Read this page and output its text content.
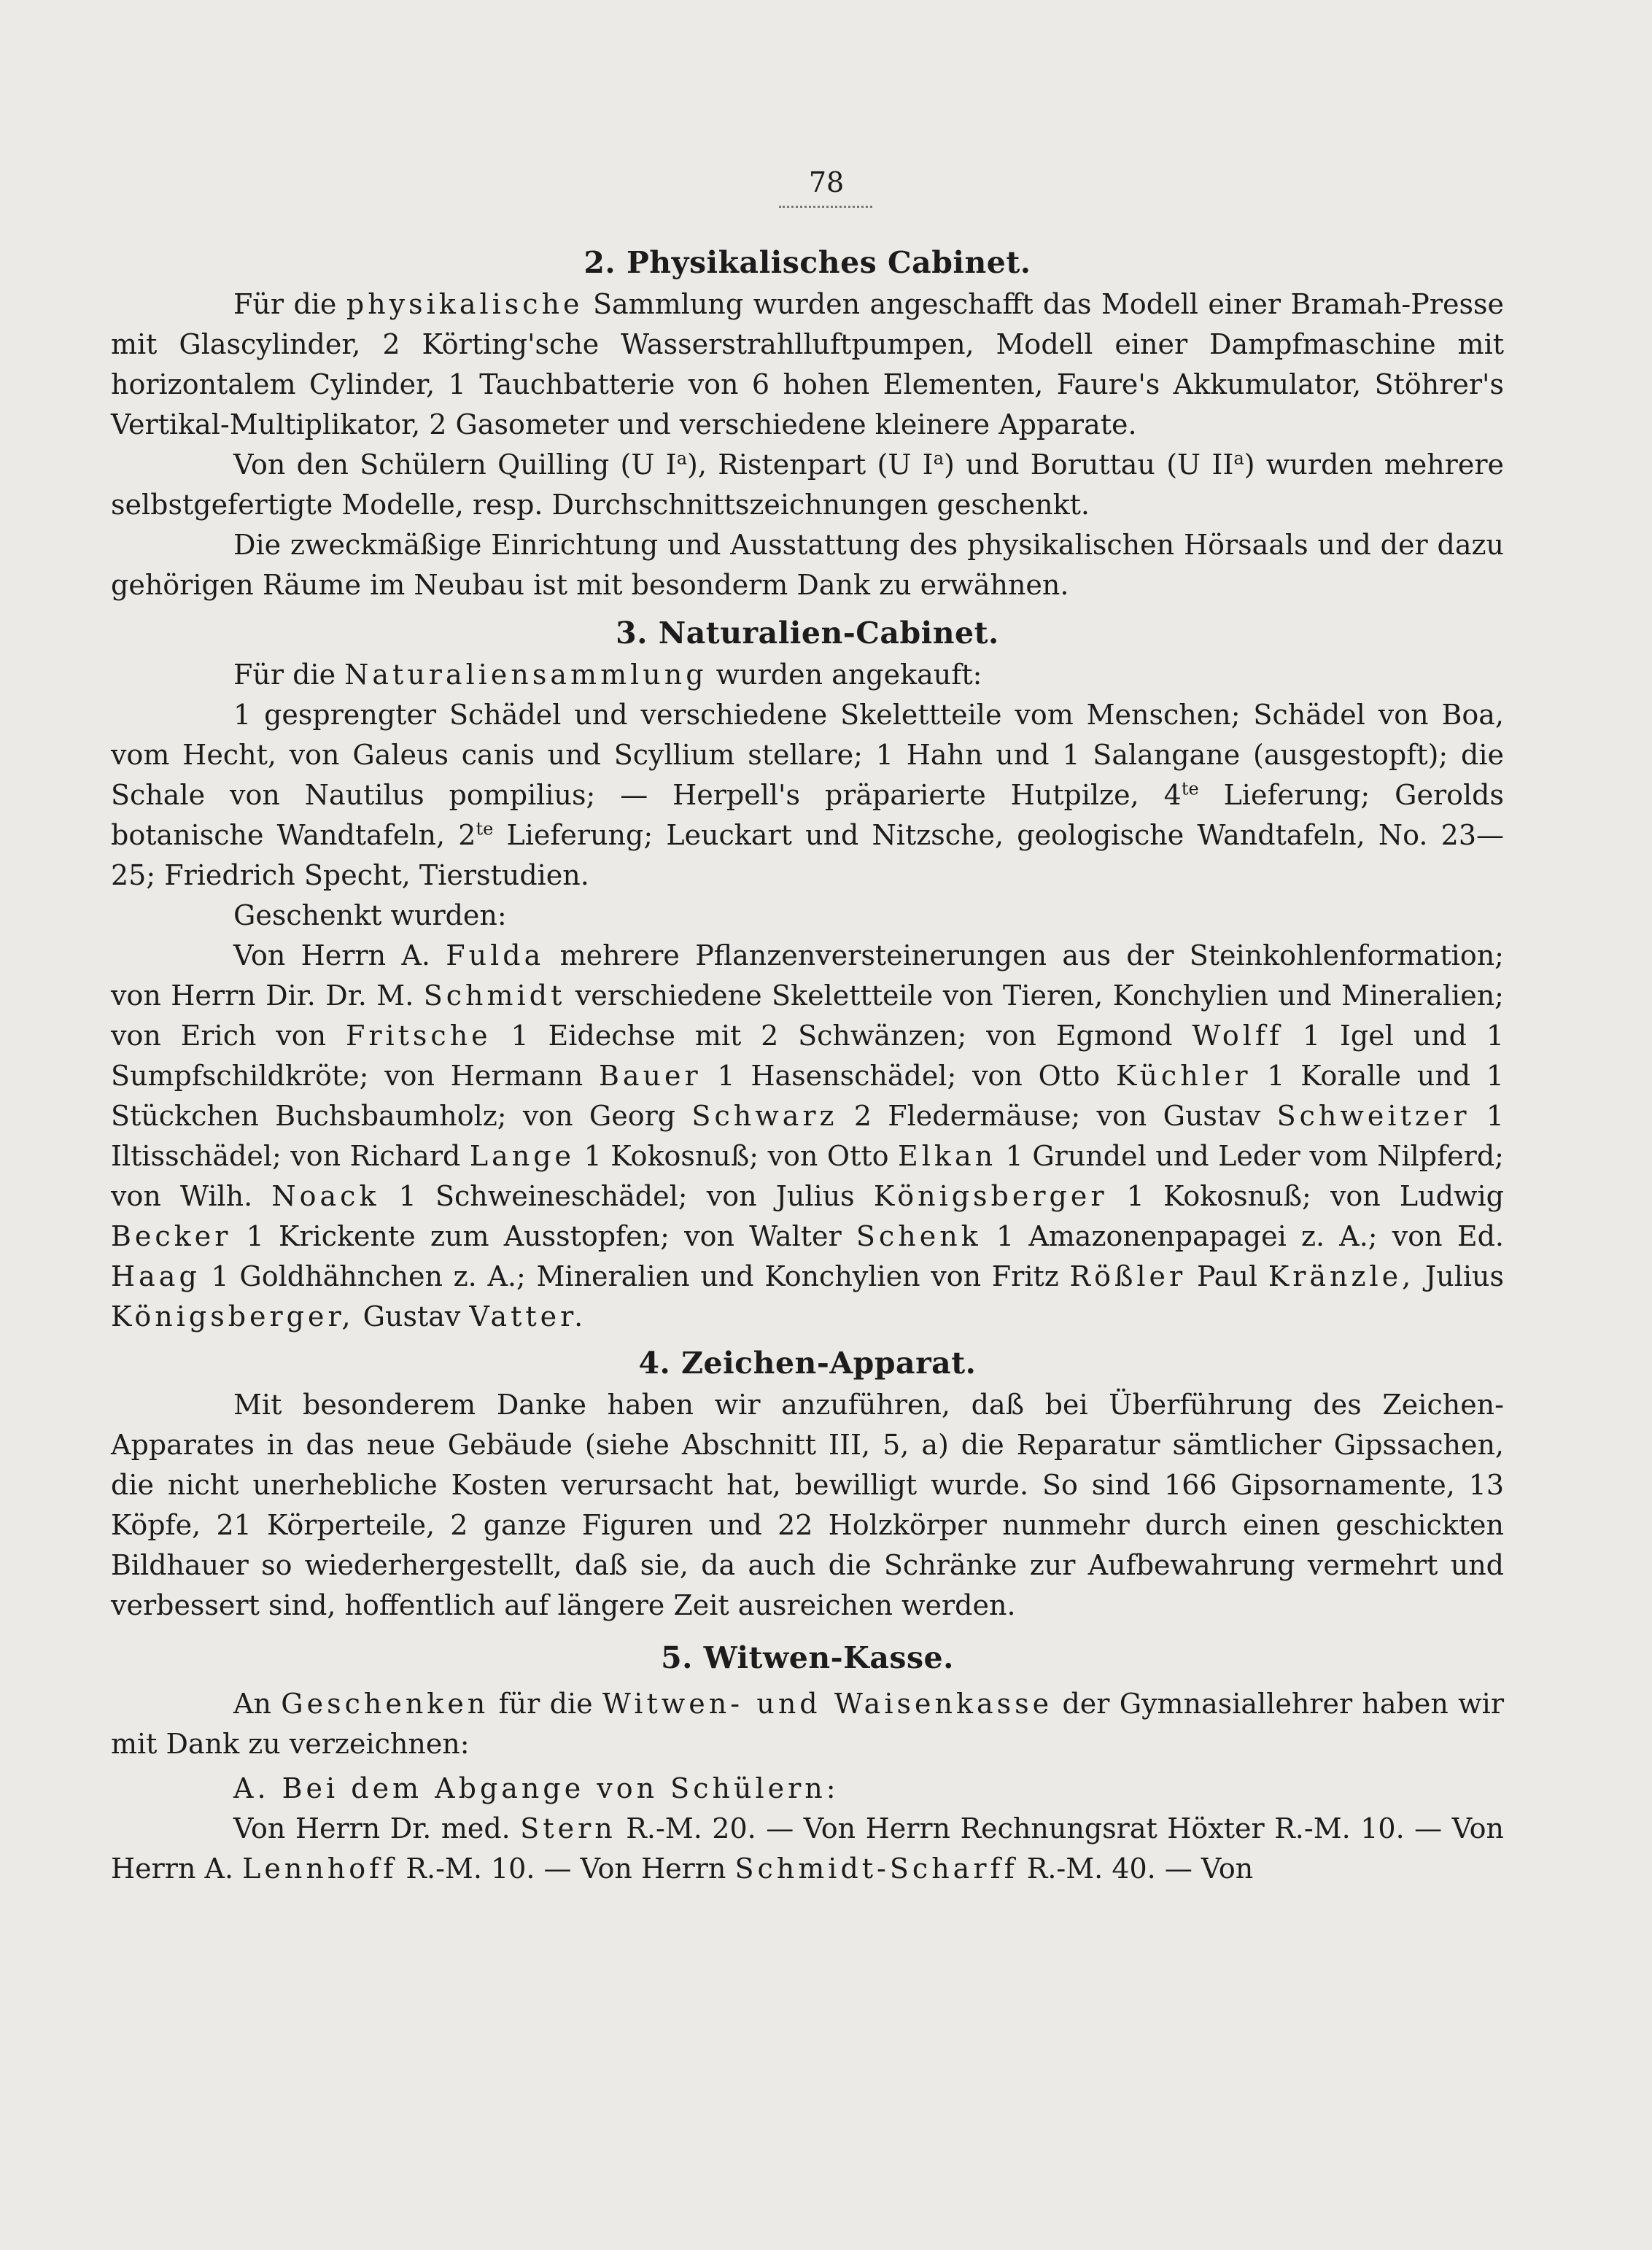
78
2. Physikalisches Cabinet.

Für die physikalische Sammlung wurden angeschafft das Modell einer Bramah-Presse mit Glascylinder, 2 Körting'sche Wasserstrahlluftpumpen, Modell einer Dampfmaschine mit horizontalem Cylinder, 1 Tauchbatterie von 6 hohen Elementen, Faure's Akkumulator, Stöhrer's Vertikal-Multiplikator, 2 Gasometer und verschiedene kleinere Apparate.

Von den Schülern Quilling (U $I^a$), Ristenpart (U $I^a$) und Boruttau (U $II^a$) wurden mehrere selbstgefertigte Modelle, resp. Durchschnittszeichnungen geschenkt.

Die zweckmäßige Einrichtung und Ausstattung des physikalischen Hörsaals und der dazu gehörigen Räume im Neubau ist mit besonderm Dank zu erwähnen.

3. Naturalien-Cabinet.

Für die Naturaliensammlung wurden angekauft:

1 gesprengter Schädel und verschiedene Skelettteile vom Menschen; Schädel von Boa, vom Hecht, von Galeus canis und Scyllium stellare; 1 Hahn und 1 Salangane (ausgestopft); die Schale von Nautilus pompilius; — Herpell's präparierte Hutpilze, $4^{te}$ Lieferung; Gerolds botanische Wandtafeln, $2^{te}$ Lieferung; Leuckart und Nitzsche, geologische Wandtafeln, No. 23—25; Friedrich Specht, Tierstudien.

Geschenkt wurden:

Von Herrn A. Fulda mehrere Pflanzenversteinerungen aus der Steinkohlenformation; von Herrn Dir. Dr. M. Schmidt verschiedene Skelettteile von Tieren, Konchylien und Mineralien; von Erich von Fritsche 1 Eidechse mit 2 Schwänzen; von Egmond Wolff 1 Igel und 1 Sumpfschildkröte; von Hermann Bauer 1 Hasenschädel; von Otto Küchler 1 Koralle und 1 Stückchen Buchsbaumholz; von Georg Schwarz 2 Fledermäuse; von Gustav Schweitzer 1 Iltisschädel; von Richard Lange 1 Kokosnuß; von Otto Elkan 1 Grundel und Leder vom Nilpferd; von Wilh. Noack 1 Schweineschädel; von Julius Königsberger 1 Kokosnuß; von Ludwig Becker 1 Krickente zum Ausstopfen; von Walter Schenk 1 Amazonenpapagei z. A.; von Ed. Haag 1 Goldhähnchen z. A.; Mineralien und Konchylien von Fritz Rößler Paul Kränzle, Julius Königsberger, Gustav Vatter.

4. Zeichen-Apparat.

Mit besonderem Danke haben wir anzuführen, daß bei Überführung des Zeichen-Apparates in das neue Gebäude (siehe Abschnitt III, 5, a) die Reparatur sämtlicher Gipssachen, die nicht unerhebliche Kosten verursacht hat, bewilligt wurde. So sind 166 Gipsornamente, 13 Köpfe, 21 Körperteile, 2 ganze Figuren und 22 Holzkörper nunmehr durch einen geschickten Bildhauer so wiederhergestellt, daß sie, da auch die Schränke zur Aufbewahrung vermehrt und verbessert sind, hoffentlich auf längere Zeit ausreichen werden.

5. Witwen-Kasse.

An Geschenken für die Witwen- und Waisenkasse der Gymnasiallehrer haben wir mit Dank zu verzeichnen:

A. Bei dem Abgange von Schülern:

Von Herrn Dr. med. Stern R.-M. 20. — Von Herrn Rechnungsrat Höxter R.-M. 10. — Von Herrn A. Lennhoff R.-M. 10. — Von Herrn Schmidt-Scharff R.-M. 40. — Von
